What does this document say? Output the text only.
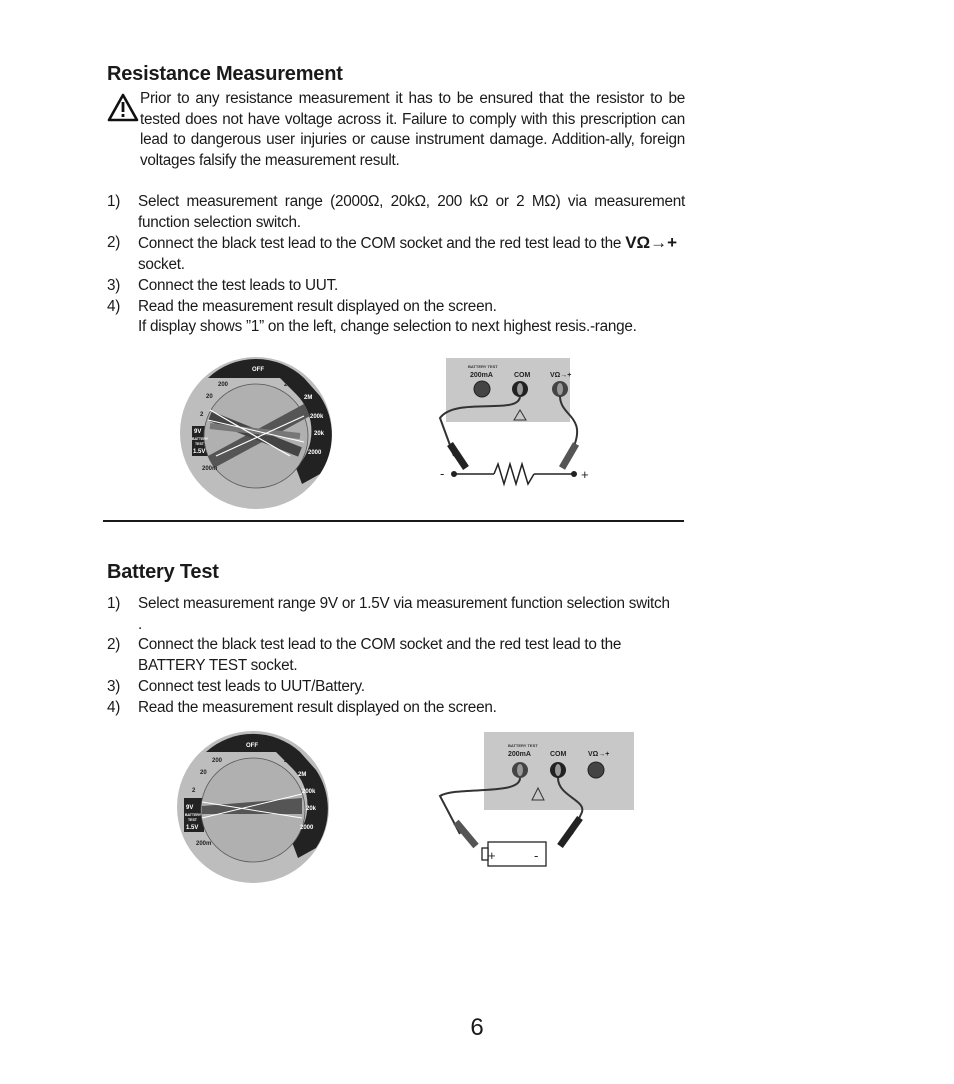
Resistance Measurement
Prior to any resistance measurement it has to be ensured that the resistor to be tested does not have voltage across it. Failure to comply with this prescription can lead to dangerous user injuries or cause instrument damage. Addition-ally, foreign voltages falsify the measurement result.
1) Select measurement range (2000Ω, 20kΩ, 200 kΩ or 2 MΩ) via measurement function selection switch.
2) Connect the black test lead to the COM socket and the red test lead to the VΩ→+
socket.
3) Connect the test leads to UUT.
4) Read the measurement result displayed on the screen.
If display shows ”1” on the left, change selection to next highest resis.-range.
OFF
600	600
200	200
20
2
2M
200k
20k
2000
9V
BATTERY
TEST
1.5V
200m	→|
BATTERY TEST
200mA	COM	VΩ→+
-	+
Battery Test
1) Select measurement range 9V or 1.5V via measurement function selection switch
.
2) Connect the black test lead to the COM socket and the red test lead to the BATTERY TEST socket.
3) Connect test leads to UUT/Battery.
4) Read the measurement result displayed on the screen.
OFF
600	600
200	200
20
2
2M
200k
20k
2000
9V
BATTERY
TEST
1.5V
200m	→|
BATTERY TEST
200mA	COM	VΩ→+
+	-
6
